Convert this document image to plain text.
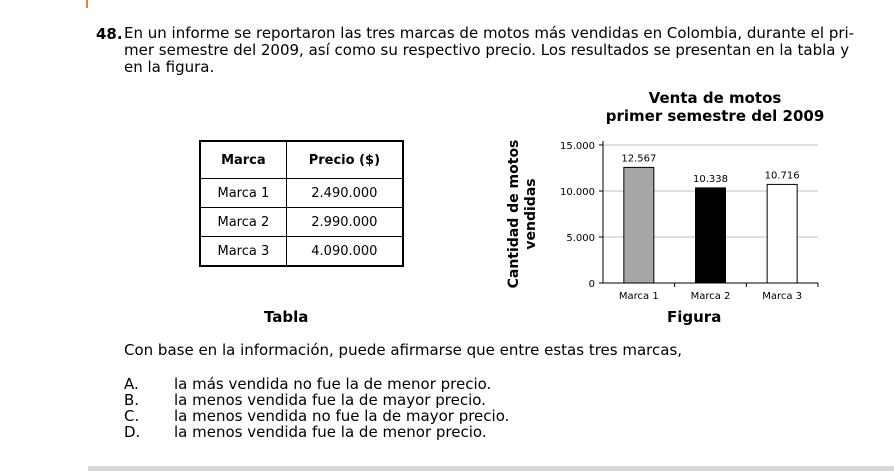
48. En un informe se reportaron las tres marcas de motos más vendidas en Colombia, durante el pri-
mer semestre del 2009, así como su respectivo precio. Los resultados se presentan en la tabla y
en la figura.
Marca	Precio ($)
Marca 1	2.490.000
Marca 2	2.990.000
Marca 3	4.090.000
Tabla
Venta de motos
primer semestre del 2009
0
5.000
10.000
15.000
12.567
Marca 1
10.338
Marca 2
10.716
Marca 3
Cantidad de motosvendidas
Figura
Con base en la información, puede afirmarse que entre estas tres marcas,
A.	la más vendida no fue la de menor precio.
B.	la menos vendida fue la de mayor precio.
C.	la menos vendida no fue la de mayor precio.
D.	la menos vendida fue la de menor precio.
